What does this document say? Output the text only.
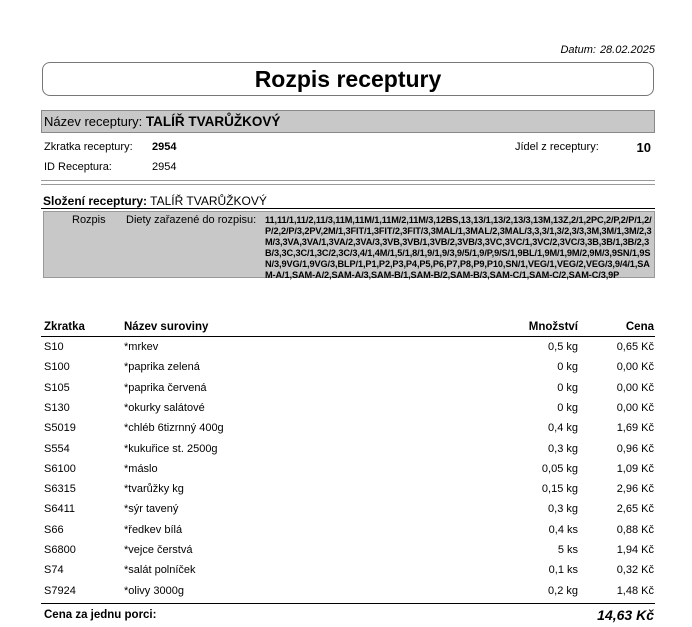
Datum: 28.02.2025
Rozpis receptury
Název receptury: TALÍŘ TVARŮŽKOVÝ
Zkratka receptury: 2954
ID Receptura:	2954
Jídel z receptury:	10
Složení receptury: TALÍŘ TVARŮŽKOVÝ
Rozpis Diety zařazené do rozpisu: 11,11/1,11/2,11/3,11M,11M/1,11M/2,11M/3,12BS,13,13/1,13/2,13/3,13M,13Z,2/1,2PC,2/P,2/P/1,2/P/2,2/P/3,2PV,2M/1,3FIT/1,3FIT/2,3FIT/3,3MAL/1,3MAL/2,3MAL/3,3,3/1,3/2,3/3,3M,3M/1,3M/2,3M/3,3VA,3VA/1,3VA/2,3VA/3,3VB,3VB/1,3VB/2,3VB/3,3VC,3VC/1,3VC/2,3VC/3,3B,3B/1,3B/2,3B/3,3C,3C/1,3C/2,3C/3,4/1,4M/1,5/1,8/1,9/1,9/3,9/5/1,9/P,9/S/1,9BL/1,9M/1,9M/2,9M/3,9SN/1,9SN/3,9VG/1,9VG/3,BLP/1,P1,P2,P3,P4,P5,P6,P7,P8,P9,P10,SN/1,VEG/1,VEG/2,VEG/3,9/4/1,SAM-A/1,SAM-A/2,SAM-A/3,SAM-B/1,SAM-B/2,SAM-B/3,SAM-C/1,SAM-C/2,SAM-C/3,9P
Zkratka	Název suroviny	Množství	Cena
S10	*mrkev	0,5 kg	0,65 Kč
S100	*paprika zelená	0 kg	0,00 Kč
S105	*paprika červená	0 kg	0,00 Kč
S130	*okurky salátové	0 kg	0,00 Kč
S5019	*chléb 6tizrnný 400g	0,4 kg	1,69 Kč
S554	*kukuřice st. 2500g	0,3 kg	0,96 Kč
S6100	*máslo	0,05 kg	1,09 Kč
S6315	*tvarůžky kg	0,15 kg	2,96 Kč
S6411	*sýr tavený	0,3 kg	2,65 Kč
S66	*ředkev bílá	0,4 ks	0,88 Kč
S6800	*vejce čerstvá	5 ks	1,94 Kč
S74	*salát polníček	0,1 ks	0,32 Kč
S7924	*olivy 3000g	0,2 kg	1,48 Kč
Cena za jednu porci:	14,63 Kč
